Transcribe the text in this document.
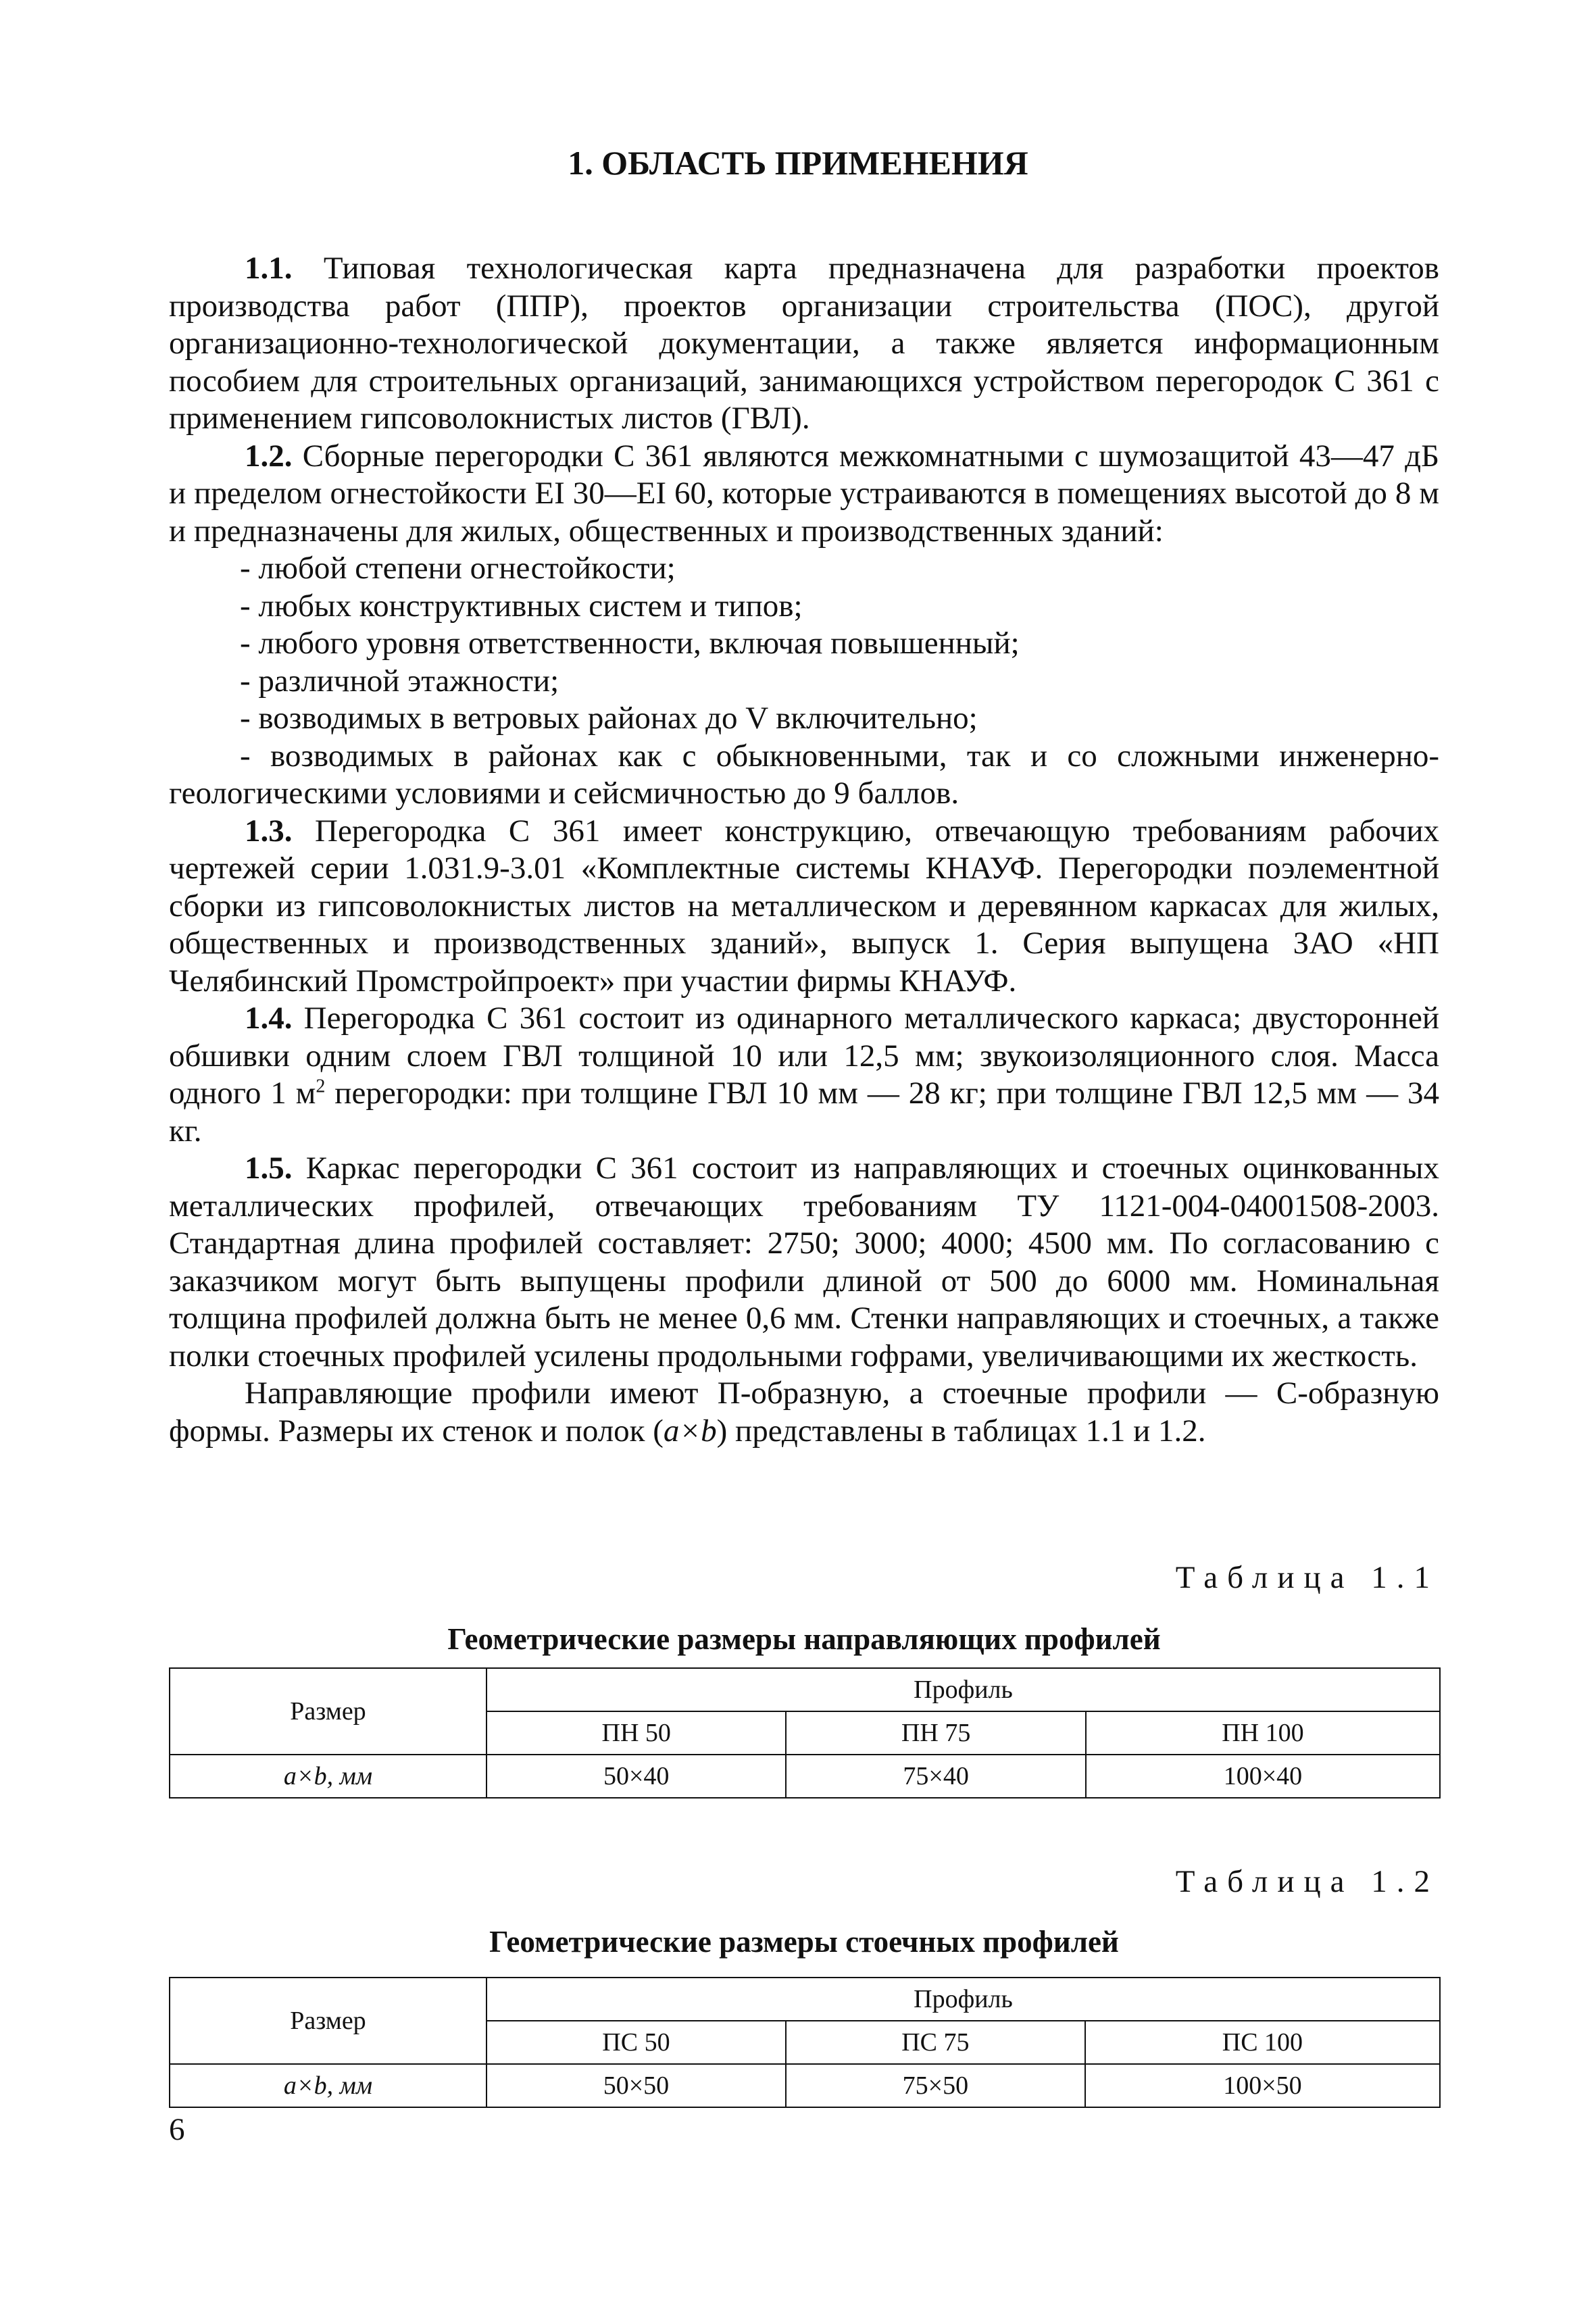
1. ОБЛАСТЬ ПРИМЕНЕНИЯ

1.1. Типовая технологическая карта предназначена для разработки проектов производства работ (ППР), проектов организации строительства (ПОС), другой организационно-технологической документации, а также является информационным пособием для строительных организаций, занимающихся устройством перегородок С 361 с применением гипсоволокнистых листов (ГВЛ).

1.2. Сборные перегородки С 361 являются межкомнатными с шумозащитой 43—47 дБ и пределом огнестойкости ЕI 30—ЕI 60, которые устраиваются в помещениях высотой до 8 м и предназначены для жилых, общественных и производственных зданий:

- любой степени огнестойкости;

- любых конструктивных систем и типов;

- любого уровня ответственности, включая повышенный;

- различной этажности;

- возводимых в ветровых районах до V включительно;

- возводимых в районах как с обыкновенными, так и со сложными инженерно-геологическими условиями и сейсмичностью до 9 баллов.

1.3. Перегородка С 361 имеет конструкцию, отвечающую требованиям рабочих чертежей серии 1.031.9-3.01 «Комплектные системы КНАУФ. Перегородки поэлементной сборки из гипсоволокнистых листов на металлическом и деревянном каркасах для жилых, общественных и производственных зданий», выпуск 1. Серия выпущена ЗАО «НП Челябинский Промстройпроект» при участии фирмы КНАУФ.

1.4. Перегородка С 361 состоит из одинарного металлического каркаса; двусторонней обшивки одним слоем ГВЛ толщиной 10 или 12,5 мм; звукоизоляционного слоя. Масса одного 1 $м^2$ перегородки: при толщине ГВЛ 10 мм — 28 кг; при толщине ГВЛ 12,5 мм — 34 кг.

1.5. Каркас перегородки С 361 состоит из направляющих и стоечных оцинкованных металлических профилей, отвечающих требованиям ТУ 1121-004-04001508-2003. Стандартная длина профилей составляет: 2750; 3000; 4000; 4500 мм. По согласованию с заказчиком могут быть выпущены профили длиной от 500 до 6000 мм. Номинальная толщина профилей должна быть не менее 0,6 мм. Стенки направляющих и стоечных, а также полки стоечных профилей усилены продольными гофрами, увеличивающими их жесткость.

Направляющие профили имеют П-образную, а стоечные профили — С-образную формы. Размеры их стенок и полок (a×b) представлены в таблицах 1.1 и 1.2.

Таблица 1.1
Геометрические размеры направляющих профилей
Размер	Профиль		
	ПН 50	ПН 75	ПН 100
a×b, мм	50×40	75×40	100×40
Таблица 1.2
Геометрические размеры стоечных профилей
Размер	Профиль		
	ПС 50	ПС 75	ПС 100
a×b, мм	50×50	75×50	100×50
6
